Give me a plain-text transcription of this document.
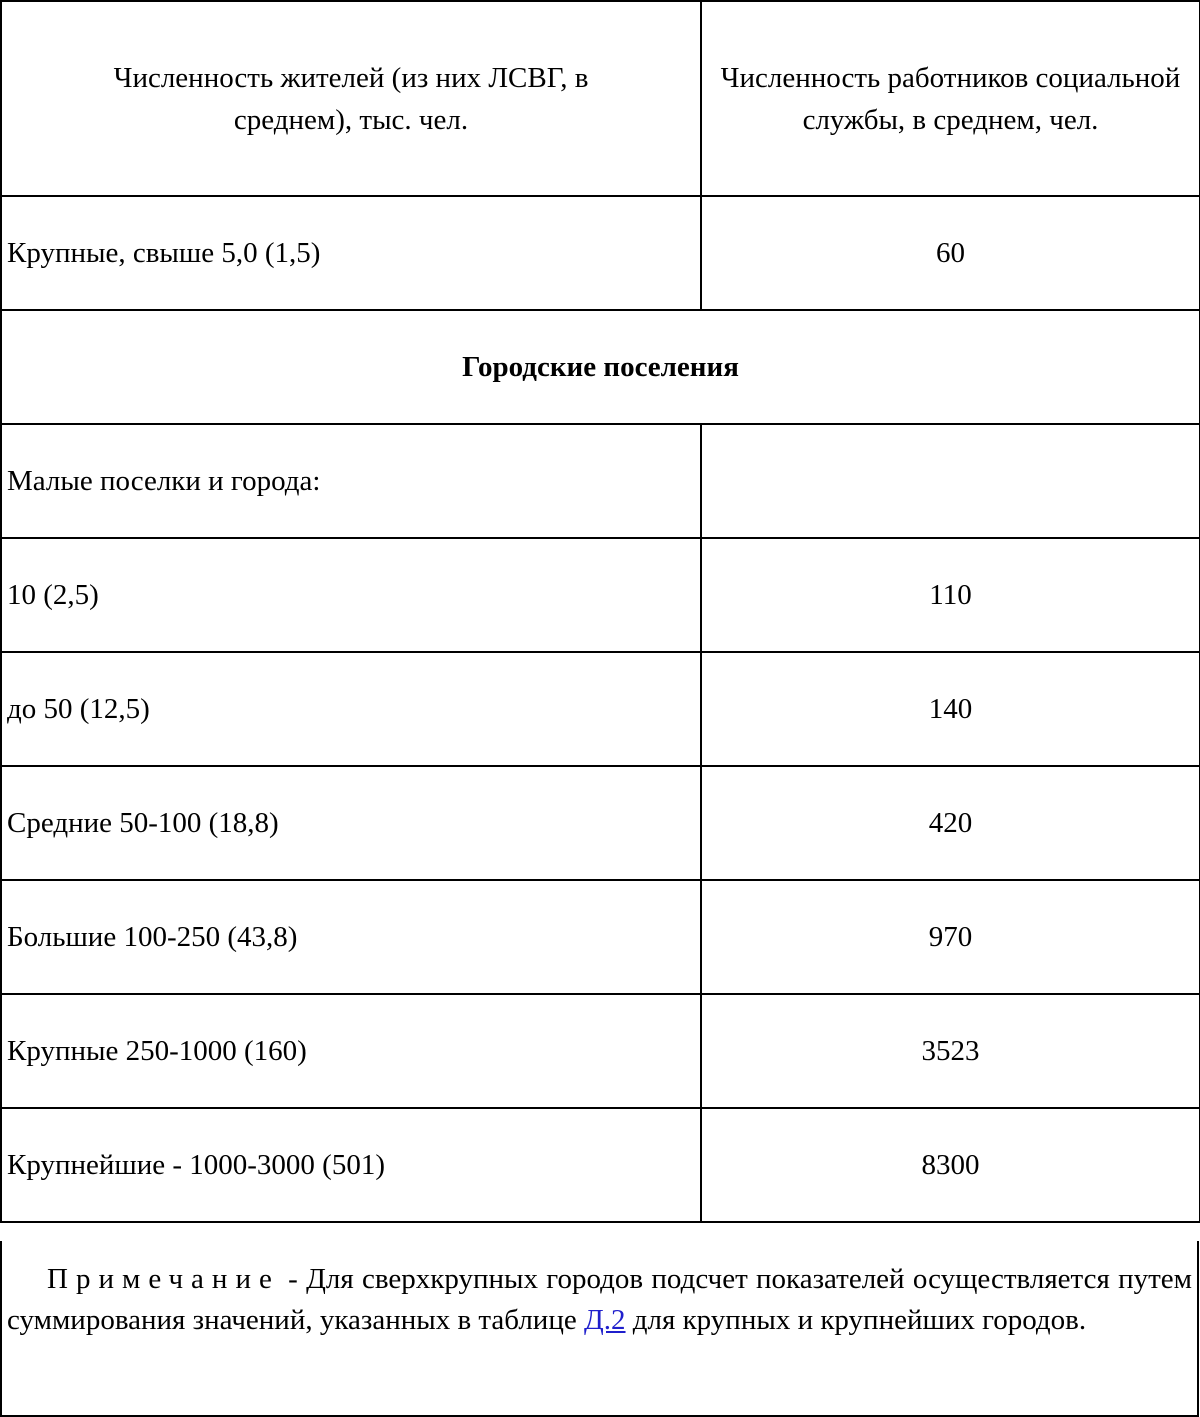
Численность жителей (из них ЛСВГ, в среднем), тыс. чел.	Численность работников социальной службы, в среднем, чел.
Крупные, свыше 5,0 (1,5)	60
Городские поселения	
Малые поселки и города:	
10 (2,5)	110
до 50 (12,5)	140
Средние 50-100 (18,8)	420
Большие 100-250 (43,8)	970
Крупные 250-1000 (160)	3523
Крупнейшие - 1000-3000 (501)	8300
Примечание - Для сверхкрупных городов подсчет показателей осуществляется путем суммирования значений, указанных в таблице Д.2 для крупных и крупнейших городов.
